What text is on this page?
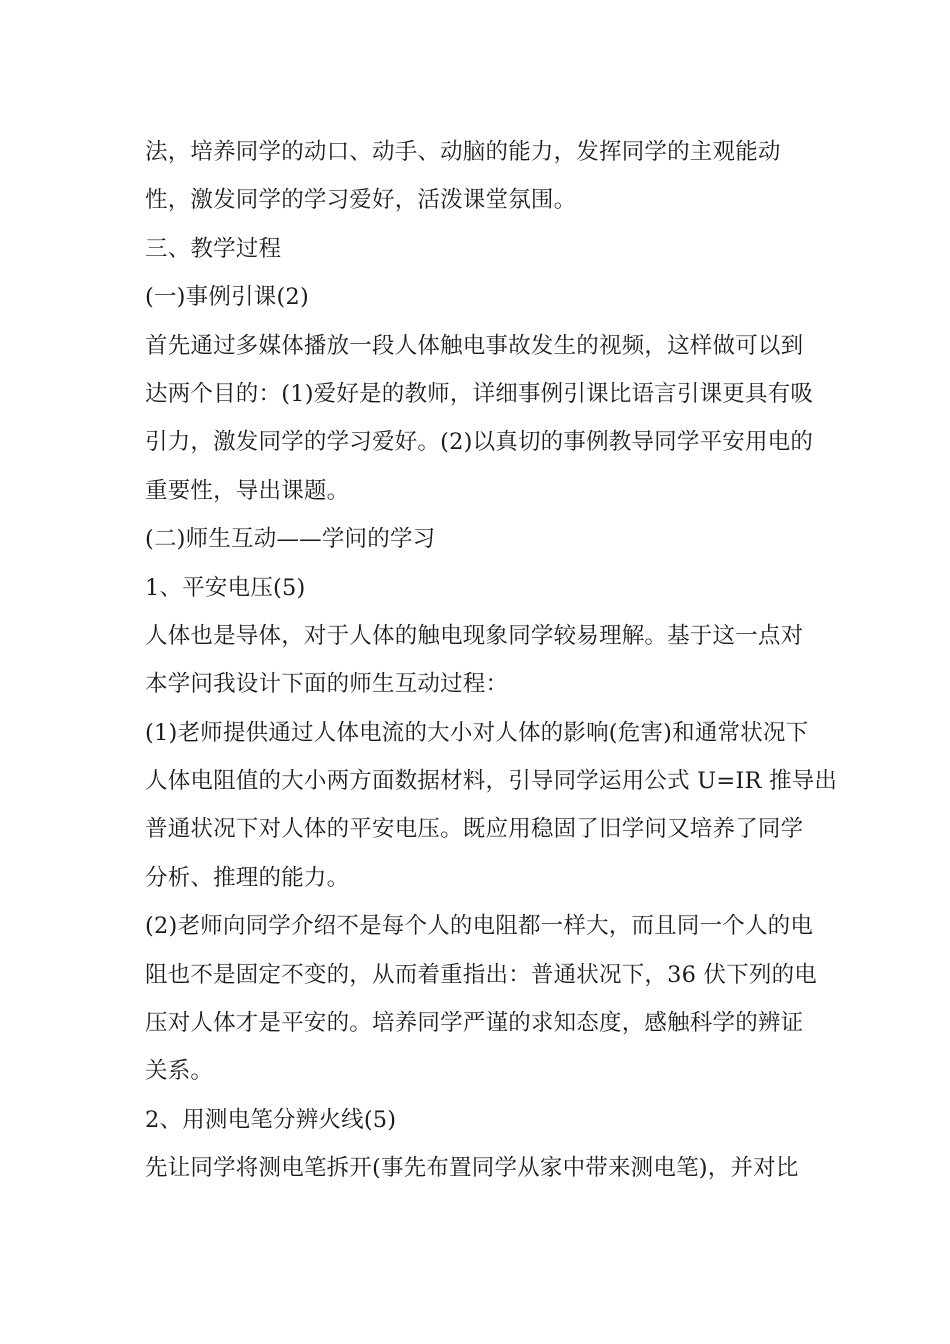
法，培养同学的动口、动手、动脑的能力，发挥同学的主观能动
性，激发同学的学习爱好，活泼课堂氛围。
三、教学过程
(一)事例引课(2)
首先通过多媒体播放一段人体触电事故发生的视频，这样做可以到
达两个目的：(1)爱好是的教师，详细事例引课比语言引课更具有吸
引力，激发同学的学习爱好。(2)以真切的事例教导同学平安用电的
重要性，导出课题。
(二)师生互动——学问的学习
1、平安电压(5)
人体也是导体，对于人体的触电现象同学较易理解。基于这一点对
本学问我设计下面的师生互动过程：
(1)老师提供通过人体电流的大小对人体的影响(危害)和通常状况下
人体电阻值的大小两方面数据材料，引导同学运用公式 U=IR 推导出
普通状况下对人体的平安电压。既应用稳固了旧学问又培养了同学
分析、推理的能力。
(2)老师向同学介绍不是每个人的电阻都一样大，而且同一个人的电
阻也不是固定不变的，从而着重指出：普通状况下，36 伏下列的电
压对人体才是平安的。培养同学严谨的求知态度，感触科学的辨证
关系。
2、用测电笔分辨火线(5)
先让同学将测电笔拆开(事先布置同学从家中带来测电笔)，并对比
